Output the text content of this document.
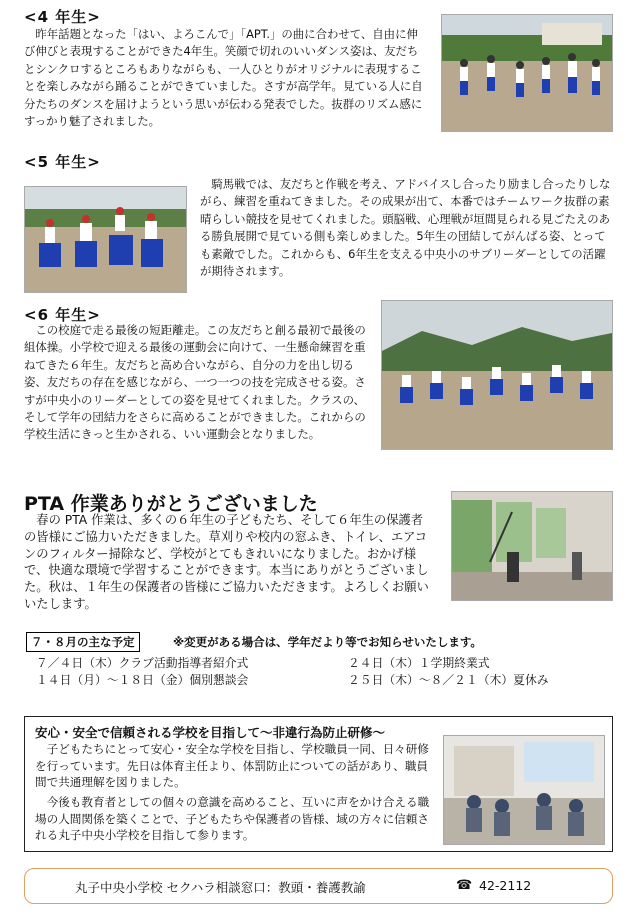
<4 年生>

昨年話題となった「はい、よろこんで」「APT.」の曲に合わせて、自由に伸び伸びと表現することができた4年生。笑顔で切れのいいダンス姿は、友だちとシンクロするところもありながらも、一人ひとりがオリジナルに表現することを楽しみながら踊ることができていました。さすが高学年。見ている人に自分たちのダンスを届けようという思いが伝わる発表でした。抜群のリズム感にすっかり魅了されました。

<5 年生>

騎馬戦では、友だちと作戦を考え、アドバイスし合ったり励まし合ったりしながら、練習を重ねてきました。その成果が出て、本番ではチームワーク抜群の素晴らしい競技を見せてくれました。頭脳戦、心理戦が垣間見られる見ごたえのある勝負展開で見ている側も楽しめました。5年生の団結してがんばる姿、とっても素敵でした。これからも、6年生を支える中央小のサブリーダーとしての活躍が期待されます。

<6 年生>

この校庭で走る最後の短距離走。この友だちと創る最初で最後の組体操。小学校で迎える最後の運動会に向けて、一生懸命練習を重ねてきた６年生。友だちと高め合いながら、自分の力を出し切る姿、友だちの存在を感じながら、一つ一つの技を完成させる姿。さすが中央小のリーダーとしての姿を見せてくれました。クラスの、そして学年の団結力をさらに高めることができました。これからの学校生活にきっと生かされる、いい運動会となりました。

PTA 作業ありがとうございました

春の PTA 作業は、多くの６年生の子どもたち、そして６年生の保護者の皆様にご協力いただきました。草刈りや校内の窓ふき、トイレ、エアコンのフィルター掃除など、学校がとてもきれいになりました。おかげ様で、快適な環境で学習することができます。本当にありがとうございました。秋は、１年生の保護者の皆様にご協力いただきます。よろしくお願いいたします。

７・８月の主な予定	※変更がある場合は、学年だより等でお知らせいたします。
７／４日（木）クラブ活動指導者紹介式	２４日（木）１学期終業式
１４日（月）～１８日（金）個別懇談会	２５日（木）～８／２１（木）夏休み
安心・安全で信頼される学校を目指して～非違行為防止研修～

子どもたちにとって安心・安全な学校を目指し、学校職員一同、日々研修を行っています。先日は体育主任より、体罰防止についての話があり、職員間で共通理解を図りました。

今後も教育者としての個々の意識を高めること、互いに声をかけ合える職場の人間関係を築くことで、子どもたちや保護者の皆様、域の方々に信頼される丸子中央小学校を目指して参ります。

丸子中央小学校 セクハラ相談窓口：教頭・養護教諭	☎ 42-2112
